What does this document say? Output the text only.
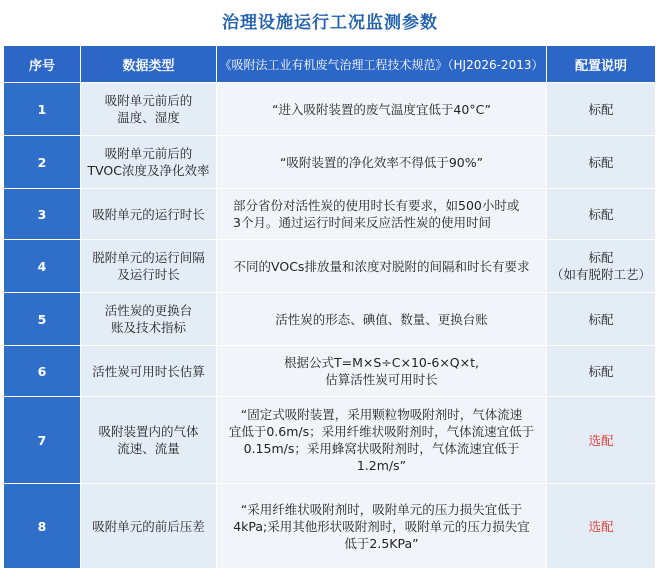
治理设施运行工况监测参数
序号	数据类型	《吸附法工业有机废气治理工程技术规范》（HJ2026-2013）	配置说明
1	吸附单元前后的
温度、湿度	“进入吸附装置的废气温度宜低于40°C”	标配
2	吸附单元前后的
TVOC浓度及净化效率	“吸附装置的净化效率不得低于90%”	标配
3	吸附单元的运行时长	部分省份对活性炭的使用时长有要求，如500小时或
3个月。通过运行时间来反应活性炭的使用时间	标配
4	脱附单元的运行间隔
及运行时长	不同的VOCs排放量和浓度对脱附的间隔和时长有要求	标配
（如有脱附工艺）
5	活性炭的更换台
账及技术指标	活性炭的形态、碘值、数量、更换台账	标配
6	活性炭可用时长估算	根据公式T=M×S÷C×10-6×Q×t,
估算活性炭可用时长	标配
7	吸附装置内的气体
流速、流量	“固定式吸附装置，采用颗粒物吸附剂时，气体流速
宜低于0.6m/s；采用纤维状吸附剂时，气体流速宜低于
0.15m/s；采用蜂窝状吸附剂时，气体流速宜低于
1.2m/s”	选配
8	吸附单元的前后压差	“采用纤维状吸附剂时，吸附单元的压力损失宜低于
4kPa;采用其他形状吸附剂时，吸附单元的压力损失宜
低于2.5KPa”	选配
